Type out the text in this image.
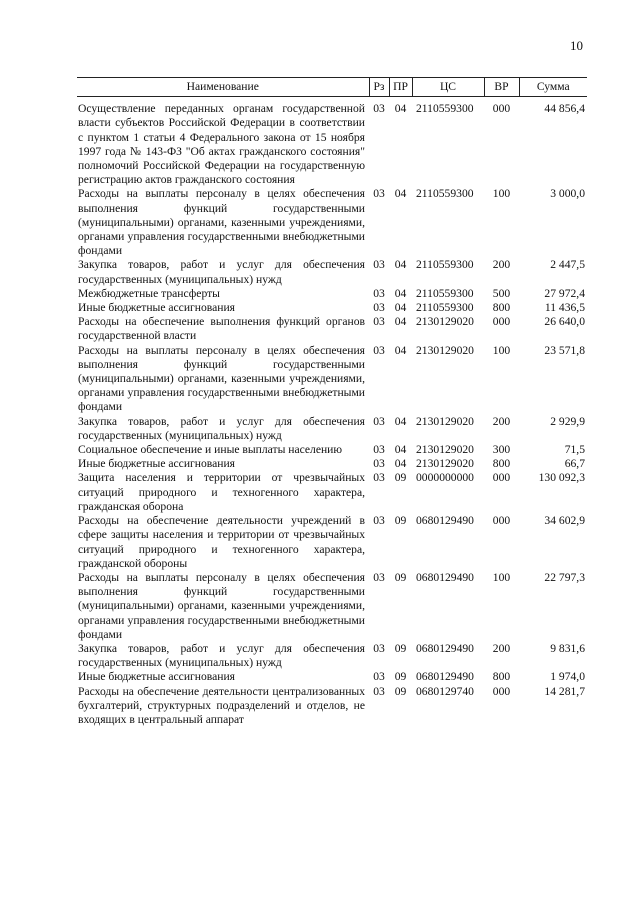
10
Наименование	Рз	ПР	ЦС	ВР	Сумма
Осуществление переданных органам государственной власти субъектов Российской Федерации в соответствии с пунктом 1 статьи 4 Федерального закона от 15 ноября 1997 года № 143-ФЗ "Об актах гражданского состояния" полномочий Российской Федерации на государственную регистрацию актов гражданского состояния	03	04	2110559300	000	44 856,4
Расходы на выплаты персоналу в целях обеспечения выполнения функций государственными (муниципальными) органами, казенными учреждениями, органами управления государственными внебюджетными фондами	03	04	2110559300	100	3 000,0
Закупка товаров, работ и услуг для обеспечения государственных (муниципальных) нужд	03	04	2110559300	200	2 447,5
Межбюджетные трансферты	03	04	2110559300	500	27 972,4
Иные бюджетные ассигнования	03	04	2110559300	800	11 436,5
Расходы на обеспечение выполнения функций органов государственной власти	03	04	2130129020	000	26 640,0
Расходы на выплаты персоналу в целях обеспечения выполнения функций государственными (муниципальными) органами, казенными учреждениями, органами управления государственными внебюджетными фондами	03	04	2130129020	100	23 571,8
Закупка товаров, работ и услуг для обеспечения государственных (муниципальных) нужд	03	04	2130129020	200	2 929,9
Социальное обеспечение и иные выплаты населению	03	04	2130129020	300	71,5
Иные бюджетные ассигнования	03	04	2130129020	800	66,7
Защита населения и территории от чрезвычайных ситуаций природного и техногенного характера, гражданская оборона	03	09	0000000000	000	130 092,3
Расходы на обеспечение деятельности учреждений в сфере защиты населения и территории от чрезвычайных ситуаций природного и техногенного характера, гражданской обороны	03	09	0680129490	000	34 602,9
Расходы на выплаты персоналу в целях обеспечения выполнения функций государственными (муниципальными) органами, казенными учреждениями, органами управления государственными внебюджетными фондами	03	09	0680129490	100	22 797,3
Закупка товаров, работ и услуг для обеспечения государственных (муниципальных) нужд	03	09	0680129490	200	9 831,6
Иные бюджетные ассигнования	03	09	0680129490	800	1 974,0
Расходы на обеспечение деятельности централизованных бухгалтерий, структурных подразделений и отделов, не входящих в центральный аппарат	03	09	0680129740	000	14 281,7
